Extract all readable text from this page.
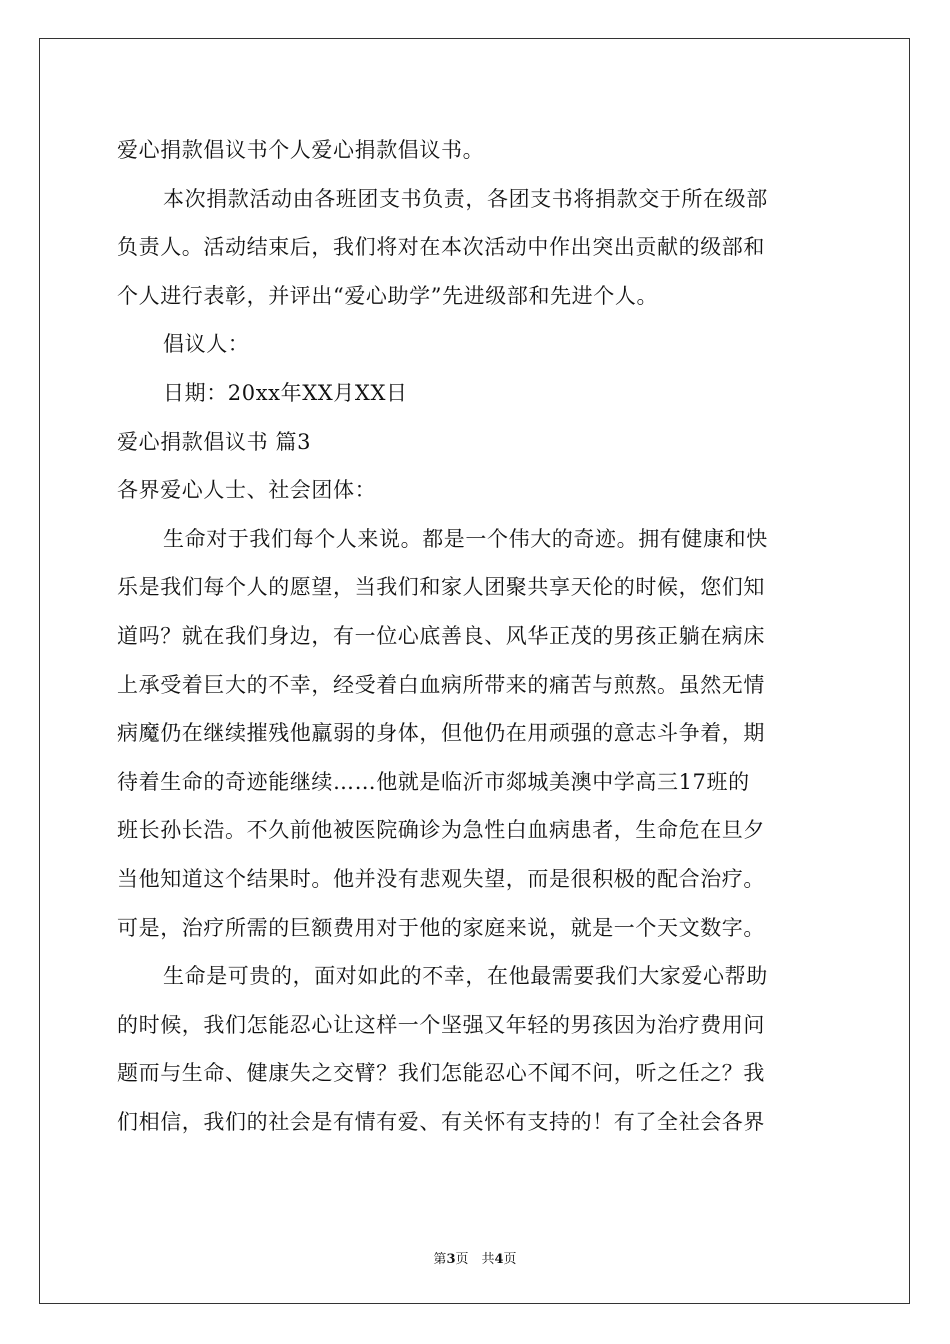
爱心捐款倡议书个人爱心捐款倡议书。
本次捐款活动由各班团支书负责，各团支书将捐款交于所在级部
负责人。活动结束后，我们将对在本次活动中作出突出贡献的级部和
个人进行表彰，并评出“爱心助学”先进级部和先进个人。
倡议人：
日期：20xx年XX月XX日
爱心捐款倡议书 篇3
各界爱心人士、社会团体：
生命对于我们每个人来说。都是一个伟大的奇迹。拥有健康和快
乐是我们每个人的愿望，当我们和家人团聚共享天伦的时候，您们知
道吗？就在我们身边，有一位心底善良、风华正茂的男孩正躺在病床
上承受着巨大的不幸，经受着白血病所带来的痛苦与煎熬。虽然无情
病魔仍在继续摧残他羸弱的身体，但他仍在用顽强的意志斗争着，期
待着生命的奇迹能继续……他就是临沂市郯城美澳中学高三17班的
班长孙长浩。不久前他被医院确诊为急性白血病患者，生命危在旦夕
当他知道这个结果时。他并没有悲观失望，而是很积极的配合治疗。
可是，治疗所需的巨额费用对于他的家庭来说，就是一个天文数字。
生命是可贵的，面对如此的不幸，在他最需要我们大家爱心帮助
的时候，我们怎能忍心让这样一个坚强又年轻的男孩因为治疗费用问
题而与生命、健康失之交臂？我们怎能忍心不闻不问，听之任之？我
们相信，我们的社会是有情有爱、有关怀有支持的！有了全社会各界
第3页　共4页
